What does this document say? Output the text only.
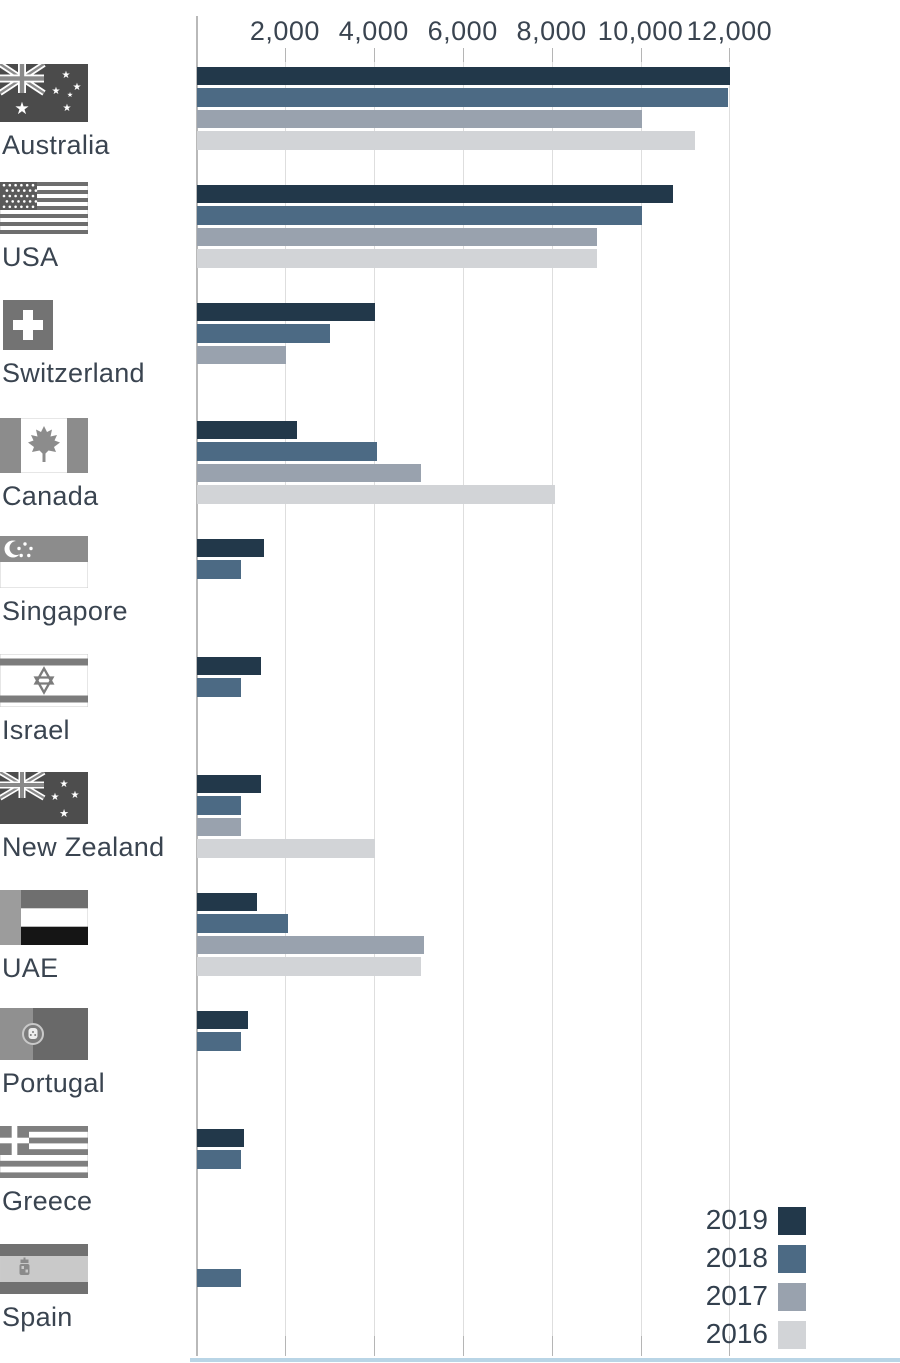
2,000 4,000 6,000 8,000 10,000 12,000
★
★
★ ★
★
★
Australia
USA
Switzerland
Canada
Singapore
Israel
★
★ ★
★
New Zealand
UAE
Portugal
Greece
Spain
2019
2018
2017
2016
